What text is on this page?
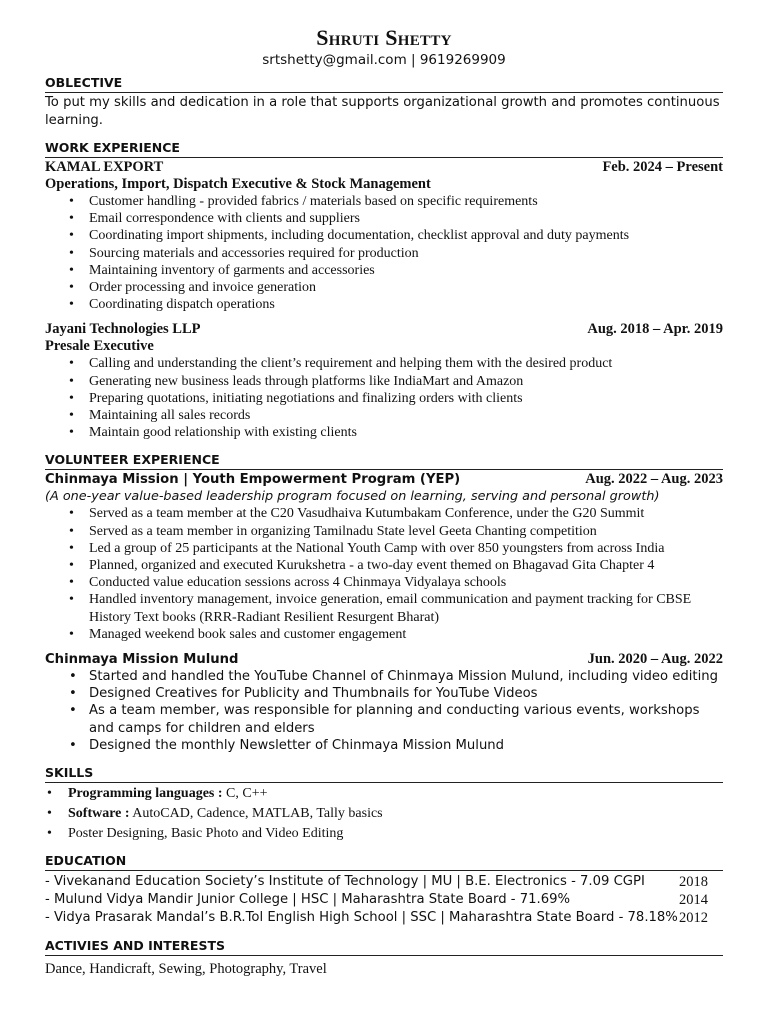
Shruti Shetty
srtshetty@gmail.com | 9619269909
OBLECTIVE
To put my skills and dedication in a role that supports organizational growth and promotes continuous learning.
WORK EXPERIENCE
KAMAL EXPORT	Feb. 2024 – Present
Operations, Import, Dispatch Executive & Stock Management
• Customer handling - provided fabrics / materials based on specific requirements
• Email correspondence with clients and suppliers
• Coordinating import shipments, including documentation, checklist approval and duty payments
• Sourcing materials and accessories required for production
• Maintaining inventory of garments and accessories
• Order processing and invoice generation
• Coordinating dispatch operations
Jayani Technologies LLP	Aug. 2018 – Apr. 2019
Presale Executive
• Calling and understanding the client’s requirement and helping them with the desired product
• Generating new business leads through platforms like IndiaMart and Amazon
• Preparing quotations, initiating negotiations and finalizing orders with clients
• Maintaining all sales records
• Maintain good relationship with existing clients
VOLUNTEER EXPERIENCE
Chinmaya Mission | Youth Empowerment Program (YEP)	Aug. 2022 – Aug. 2023
(A one-year value-based leadership program focused on learning, serving and personal growth)
• Served as a team member at the C20 Vasudhaiva Kutumbakam Conference, under the G20 Summit
• Served as a team member in organizing Tamilnadu State level Geeta Chanting competition
• Led a group of 25 participants at the National Youth Camp with over 850 youngsters from across India
• Planned, organized and executed Kurukshetra - a two-day event themed on Bhagavad Gita Chapter 4
• Conducted value education sessions across 4 Chinmaya Vidyalaya schools
• Handled inventory management, invoice generation, email communication and payment tracking for CBSE History Text books (RRR-Radiant Resilient Resurgent Bharat)
• Managed weekend book sales and customer engagement
Chinmaya Mission Mulund	Jun. 2020 – Aug. 2022
• Started and handled the YouTube Channel of Chinmaya Mission Mulund, including video editing
• Designed Creatives for Publicity and Thumbnails for YouTube Videos
• As a team member, was responsible for planning and conducting various events, workshops and camps for children and elders
• Designed the monthly Newsletter of Chinmaya Mission Mulund
SKILLS
• Programming languages : C, C++
• Software : AutoCAD, Cadence, MATLAB, Tally basics
• Poster Designing, Basic Photo and Video Editing
EDUCATION
- Vivekanand Education Society’s Institute of Technology | MU | B.E. Electronics - 7.09 CGPI 2018
- Mulund Vidya Mandir Junior College | HSC | Maharashtra State Board - 71.69%	2014
- Vidya Prasarak Mandal’s B.R.Tol English High School | SSC | Maharashtra State Board - 78.18% 2012
ACTIVIES AND INTERESTS
Dance, Handicraft, Sewing, Photography, Travel
